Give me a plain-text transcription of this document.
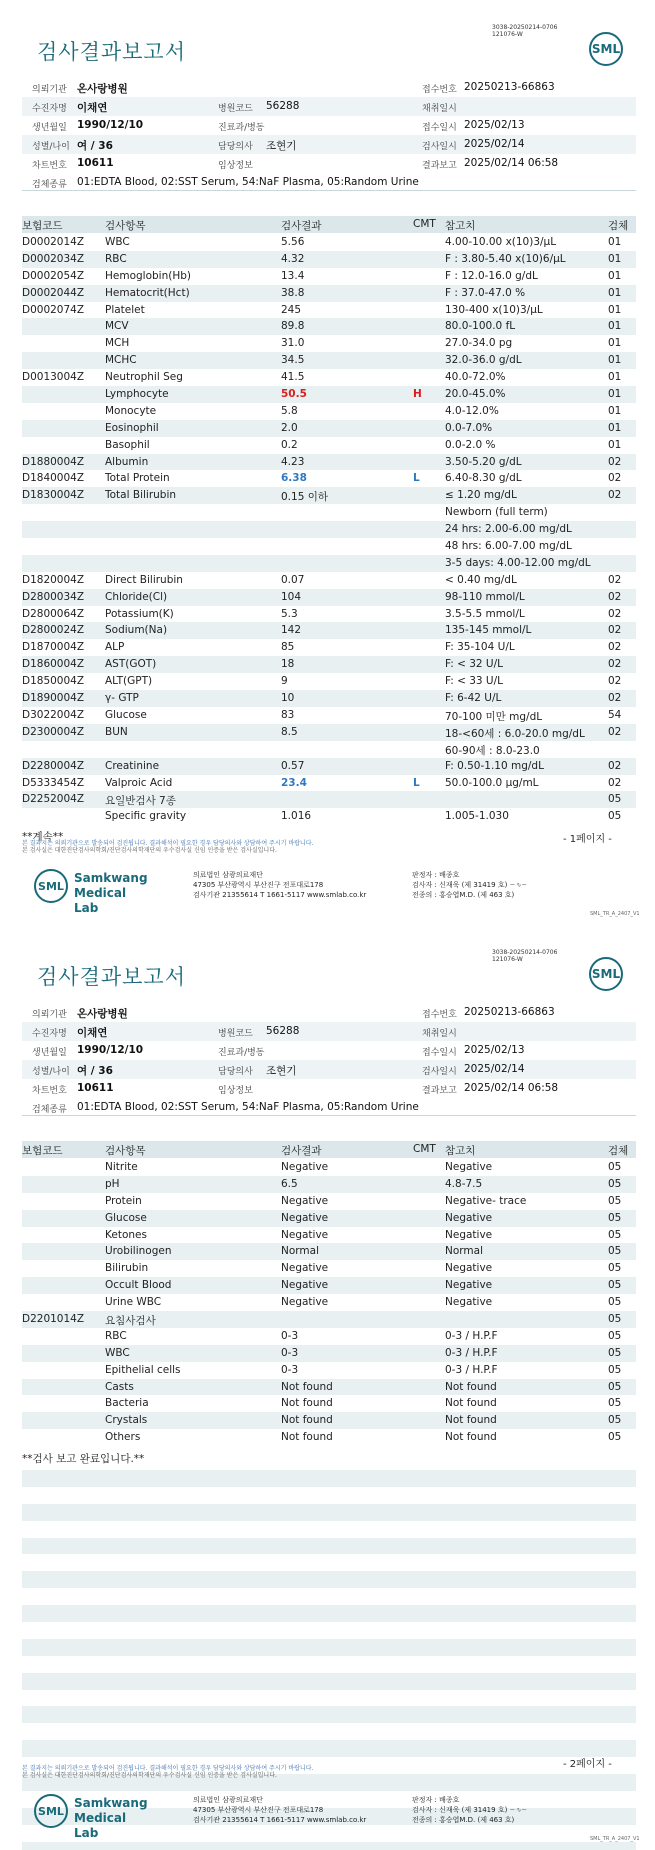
검사결과보고서
3038-20250214-0706
121076-W
SML
의뢰기관 온사랑병원	접수번호 20250213-66863
수진자명 이채연	병원코드 56288	채취일시
생년월일 1990/12/10	진료과/병동	접수일시 2025/02/13
성별/나이 여 / 36	담당의사 조현기	검사일시 2025/02/14
차트번호 10611	임상정보	결과보고 2025/02/14 06:58
검체종류 01:EDTA Blood, 02:SST Serum, 54:NaF Plasma, 05:Random Urine
보험코드	검사항목	검사결과	CMT 참고치	검체
D0002014Z WBC	5.56	4.00-10.00 x(10)3/μL	01
D0002034Z RBC	4.32	F : 3.80-5.40 x(10)6/μL	01
D0002054Z Hemoglobin(Hb)	13.4	F : 12.0-16.0 g/dL	01
D0002044Z Hematocrit(Hct)	38.8	F : 37.0-47.0 %	01
D0002074Z Platelet	245	130-400 x(10)3/μL	01
MCV	89.8	80.0-100.0 fL	01
MCH	31.0	27.0-34.0 pg	01
MCHC	34.5	32.0-36.0 g/dL	01
D0013004Z Neutrophil Seg	41.5	40.0-72.0%	01
Lymphocyte	50.5	H 20.0-45.0%	01
Monocyte	5.8	4.0-12.0%	01
Eosinophil	2.0	0.0-7.0%	01
Basophil	0.2	0.0-2.0 %	01
D1880004Z Albumin	4.23	3.50-5.20 g/dL	02
D1840004Z Total Protein	6.38	L 6.40-8.30 g/dL	02
D1830004Z Total Bilirubin	0.15 이하	≤ 1.20 mg/dL	02
Newborn (full term)
24 hrs: 2.00-6.00 mg/dL
48 hrs: 6.00-7.00 mg/dL
3-5 days: 4.00-12.00 mg/dL
D1820004Z Direct Bilirubin	0.07	< 0.40 mg/dL	02
D2800034Z Chloride(Cl)	104	98-110 mmol/L	02
D2800064Z Potassium(K)	5.3	3.5-5.5 mmol/L	02
D2800024Z Sodium(Na)	142	135-145 mmol/L	02
D1870004Z ALP	85	F: 35-104 U/L	02
D1860004Z AST(GOT)	18	F: < 32 U/L	02
D1850004Z ALT(GPT)	9	F: < 33 U/L	02
D1890004Z γ- GTP	10	F: 6-42 U/L	02
D3022004Z Glucose	83	70-100 미만 mg/dL	54
D2300004Z BUN	8.5	18-<60세 : 6.0-20.0 mg/dL 02
60-90세 : 8.0-23.0
D2280004Z Creatinine	0.57	F: 0.50-1.10 mg/dL	02
D5333454Z Valproic Acid	23.4	L 50.0-100.0 μg/mL	02
D2252004Z 요일반검사 7종	05
Specific gravity	1.016	1.005-1.030	05
**계속**	- 1페이지 -
본 결과지는 의뢰기관으로 발송되어 검진됩니다. 결과해석이 필요한 경우 담당의사와 상담하여 주시기 바랍니다.
본 검사실은 대한진단검사의학회/진단검사의학재단의 우수검사실 신임 인증을 받은 검사실입니다.
SML
Samkwang
Medical Lab
의료법인 삼광의료재단
47305 부산광역시 부산진구 전포대로178
검사기관 21355614 T 1661-5117 www.smlab.co.kr
판정자 : 배종호
검사자 : 신재욱 (제 31419 호) ~∿~
전종의 : 홍승엽M.D. (제 463 호)
SML_TR_A_2407_V1
검사결과보고서
3038-20250214-0706
121076-W
SML
의뢰기관 온사랑병원	접수번호 20250213-66863
수진자명 이채연	병원코드 56288	채취일시
생년월일 1990/12/10	진료과/병동	접수일시 2025/02/13
성별/나이 여 / 36	담당의사 조현기	검사일시 2025/02/14
차트번호 10611	임상정보	결과보고 2025/02/14 06:58
검체종류 01:EDTA Blood, 02:SST Serum, 54:NaF Plasma, 05:Random Urine
보험코드	검사항목	검사결과	CMT 참고치	검체
Nitrite	Negative	Negative	05
pH	6.5	4.8-7.5	05
Protein	Negative	Negative- trace	05
Glucose	Negative	Negative	05
Ketones	Negative	Negative	05
Urobilinogen	Normal	Normal	05
Bilirubin	Negative	Negative	05
Occult Blood	Negative	Negative	05
Urine WBC	Negative	Negative	05
D2201014Z 요침사검사	05
RBC	0-3	0-3 / H.P.F	05
WBC	0-3	0-3 / H.P.F	05
Epithelial cells	0-3	0-3 / H.P.F	05
Casts	Not found	Not found	05
Bacteria	Not found	Not found	05
Crystals	Not found	Not found	05
Others	Not found	Not found	05
**검사 보고 완료입니다.**
- 2페이지 -
본 결과지는 의뢰기관으로 발송되어 검진됩니다. 결과해석이 필요한 경우 담당의사와 상담하여 주시기 바랍니다.
본 검사실은 대한진단검사의학회/진단검사의학재단의 우수검사실 신임 인증을 받은 검사실입니다.
SML
Samkwang
Medical Lab
의료법인 삼광의료재단
47305 부산광역시 부산진구 전포대로178
검사기관 21355614 T 1661-5117 www.smlab.co.kr
판정자 : 배종호
검사자 : 신재욱 (제 31419 호) ~∿~
전종의 : 홍승엽M.D. (제 463 호)
SML_TR_A_2407_V1
